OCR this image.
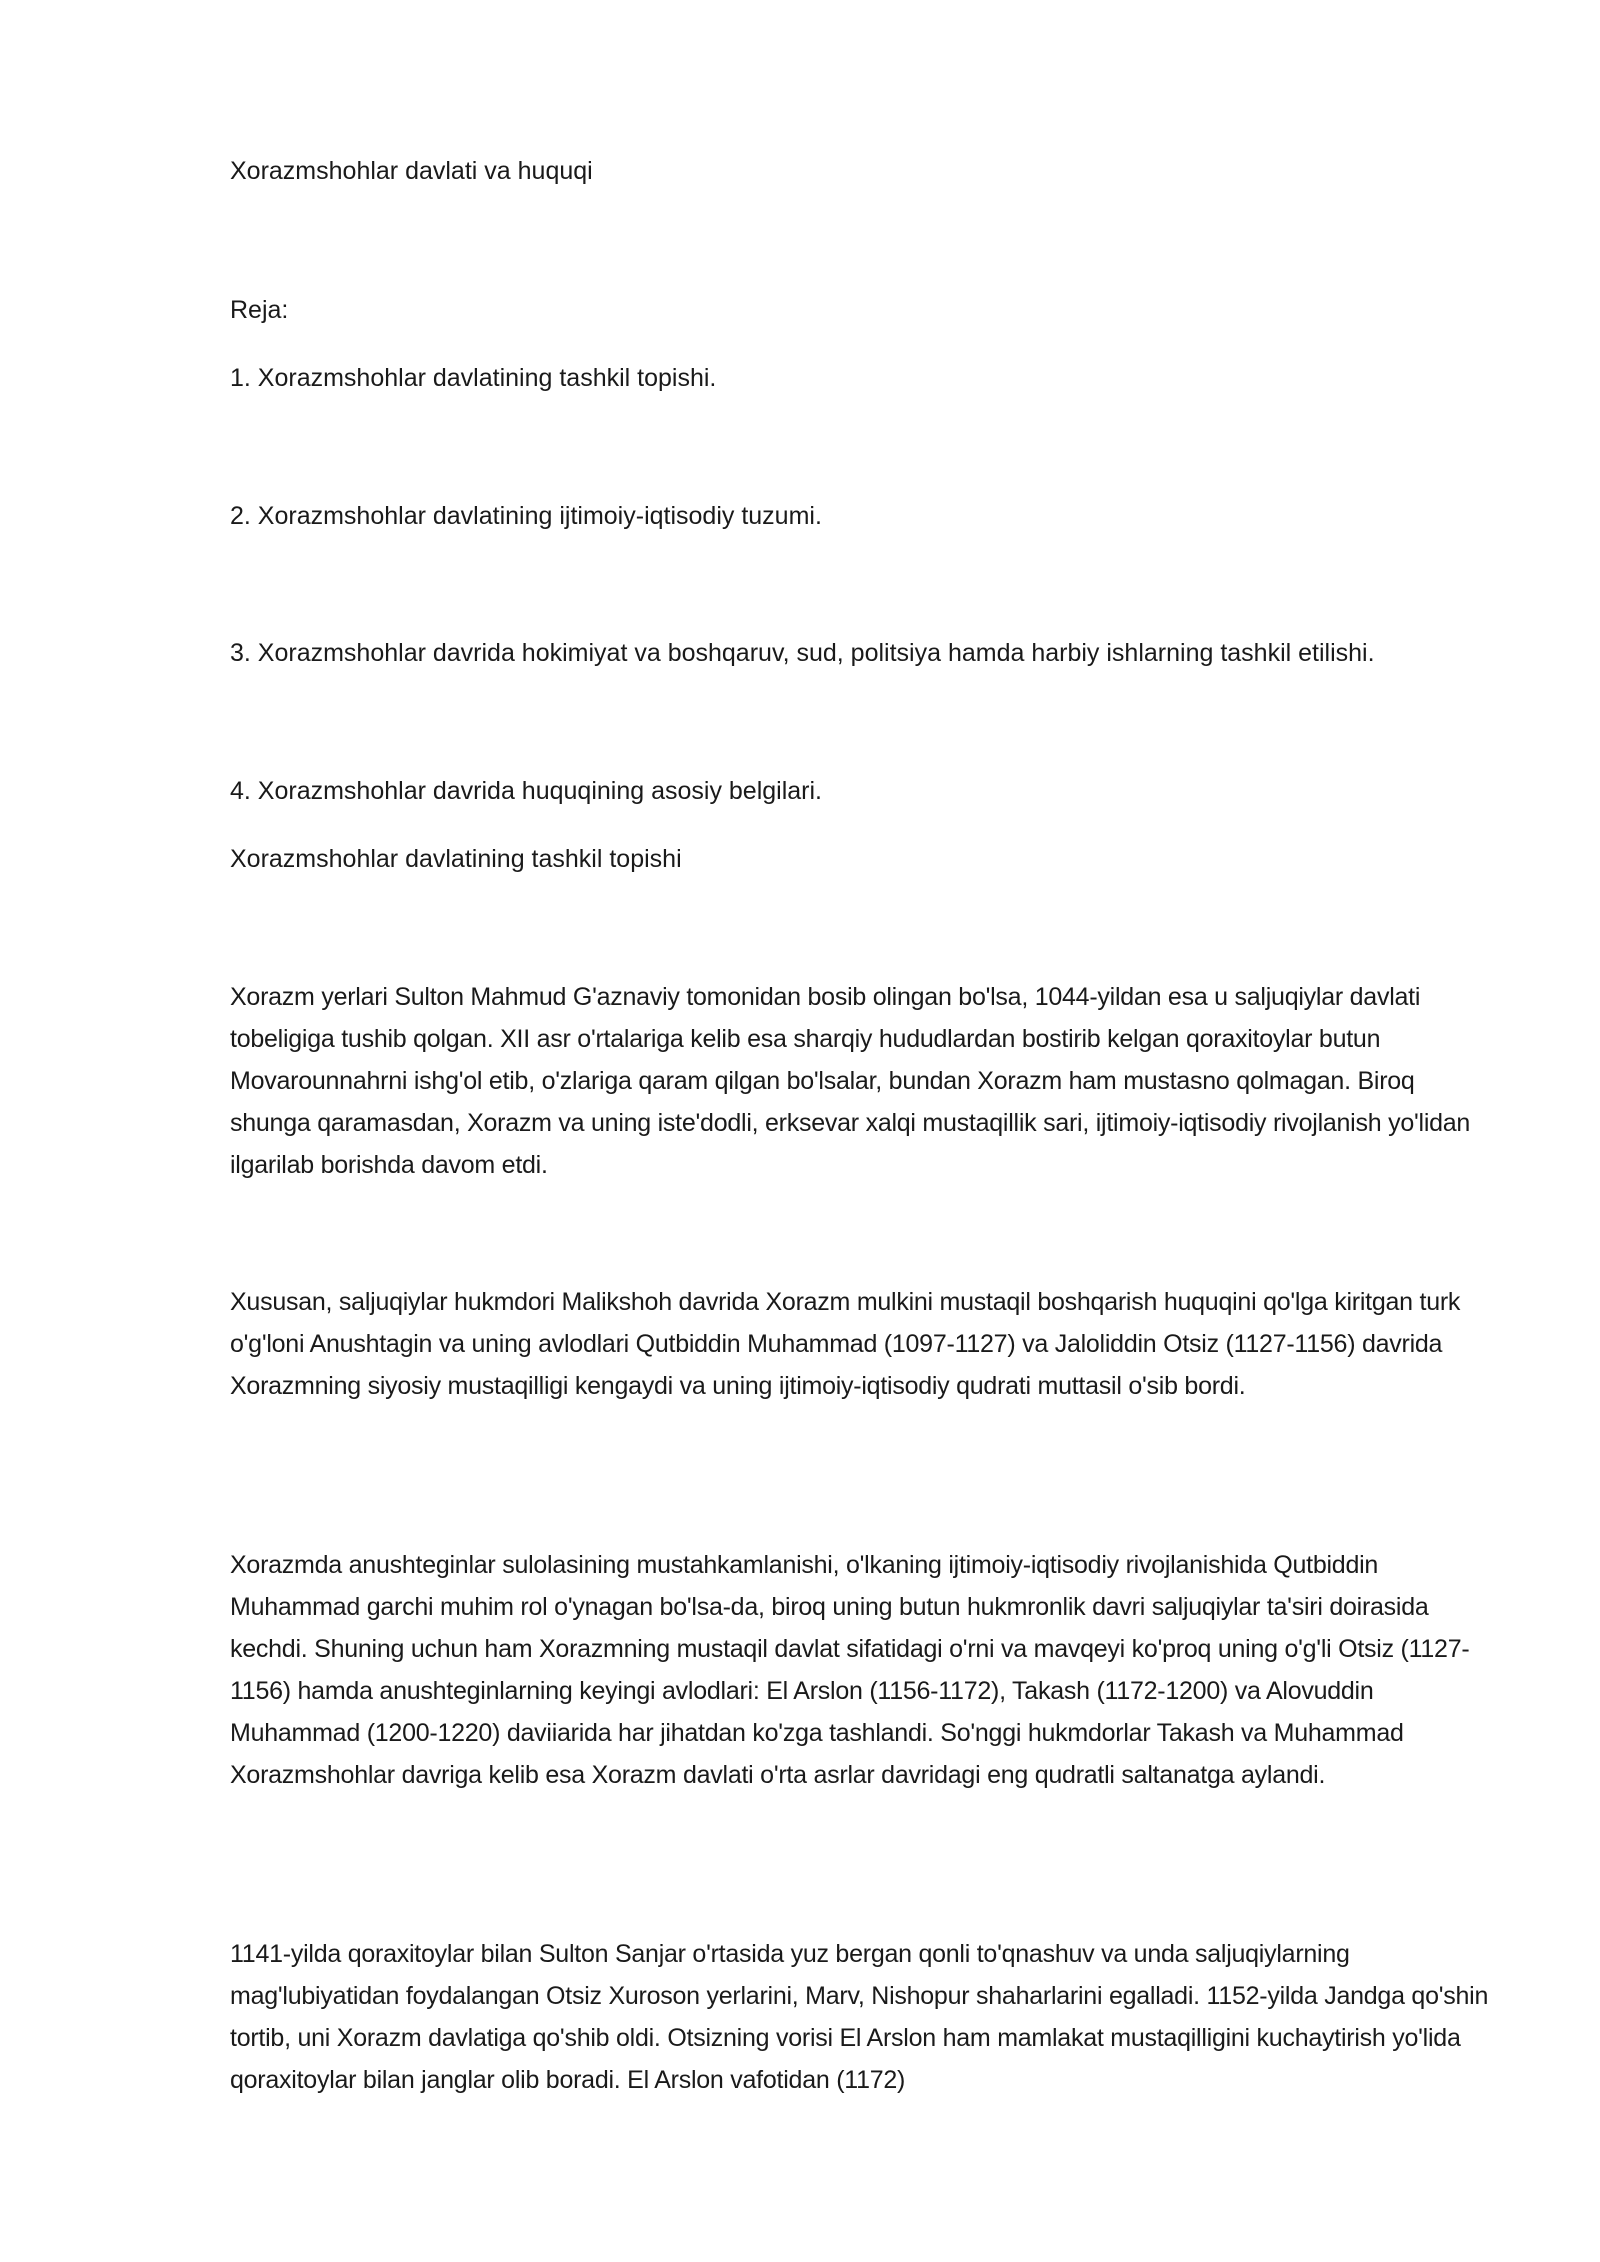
Xorazmshohlar davlati va huquqi

Reja:

1. Xorazmshohlar davlatining tashkil topishi.

2. Xorazmshohlar davlatining ijtimoiy-iqtisodiy tuzumi.

3. Xorazmshohlar davrida hokimiyat va boshqaruv, sud, politsiya hamda harbiy ishlarning tashkil etilishi.

4. Xorazmshohlar davrida huquqining asosiy belgilari.

Xorazmshohlar davlatining tashkil topishi

Xorazm yerlari Sulton Mahmud G'aznaviy tomonidan bosib olingan bo'lsa, 1044-yildan esa u saljuqiylar davlati tobeligiga tushib qolgan. XII asr o'rtalariga kelib esa sharqiy hududlardan bostirib kelgan qoraxitoylar butun Movarounnahrni ishg'ol etib, o'zlariga qaram qilgan bo'lsalar, bundan Xorazm ham mustasno qolmagan. Biroq shunga qaramasdan, Xorazm va uning iste'dodli, erksevar xalqi mustaqillik sari, ijtimoiy-iqtisodiy rivojlanish yo'lidan ilgarilab borishda davom etdi.

Xususan, saljuqiylar hukmdori Malikshoh davrida Xorazm mulkini mustaqil boshqarish huquqini qo'lga kiritgan turk o'g'loni Anushtagin va uning avlodlari Qutbiddin Muhammad (1097-1127) va Jaloliddin Otsiz (1127-1156) davrida Xorazmning siyosiy mustaqilligi kengaydi va uning ijtimoiy-iqtisodiy qudrati muttasil o'sib bordi.

Xorazmda anushteginlar sulolasining mustahkamlanishi, o'lkaning ijtimoiy-iqtisodiy rivojlanishida Qutbiddin Muhammad garchi muhim rol o'ynagan bo'lsa-da, biroq uning butun hukmronlik davri saljuqiylar ta'siri doirasida kechdi. Shuning uchun ham Xorazmning mustaqil davlat sifatidagi o'rni va mavqeyi ko'proq uning o'g'li Otsiz (1127-1156) hamda anushteginlarning keyingi avlodlari: El Arslon (1156-1172), Takash (1172-1200) va Alovuddin Muhammad (1200-1220) daviiarida har jihatdan ko'zga tashlandi. So'nggi hukmdorlar Takash va Muhammad Xorazmshohlar davriga kelib esa Xorazm davlati o'rta asrlar davridagi eng qudratli saltanatga aylandi.

1141-yilda qoraxitoylar bilan Sulton Sanjar o'rtasida yuz bergan qonli to'qnashuv va unda saljuqiylarning mag'lubiyatidan foydalangan Otsiz Xuroson yerlarini, Marv, Nishopur shaharlarini egalladi. 1152-yilda Jandga qo'shin tortib, uni Xorazm davlatiga qo'shib oldi. Otsizning vorisi El Arslon ham mamlakat mustaqilligini kuchaytirish yo'lida qoraxitoylar bilan janglar olib boradi. El Arslon vafotidan (1172)
